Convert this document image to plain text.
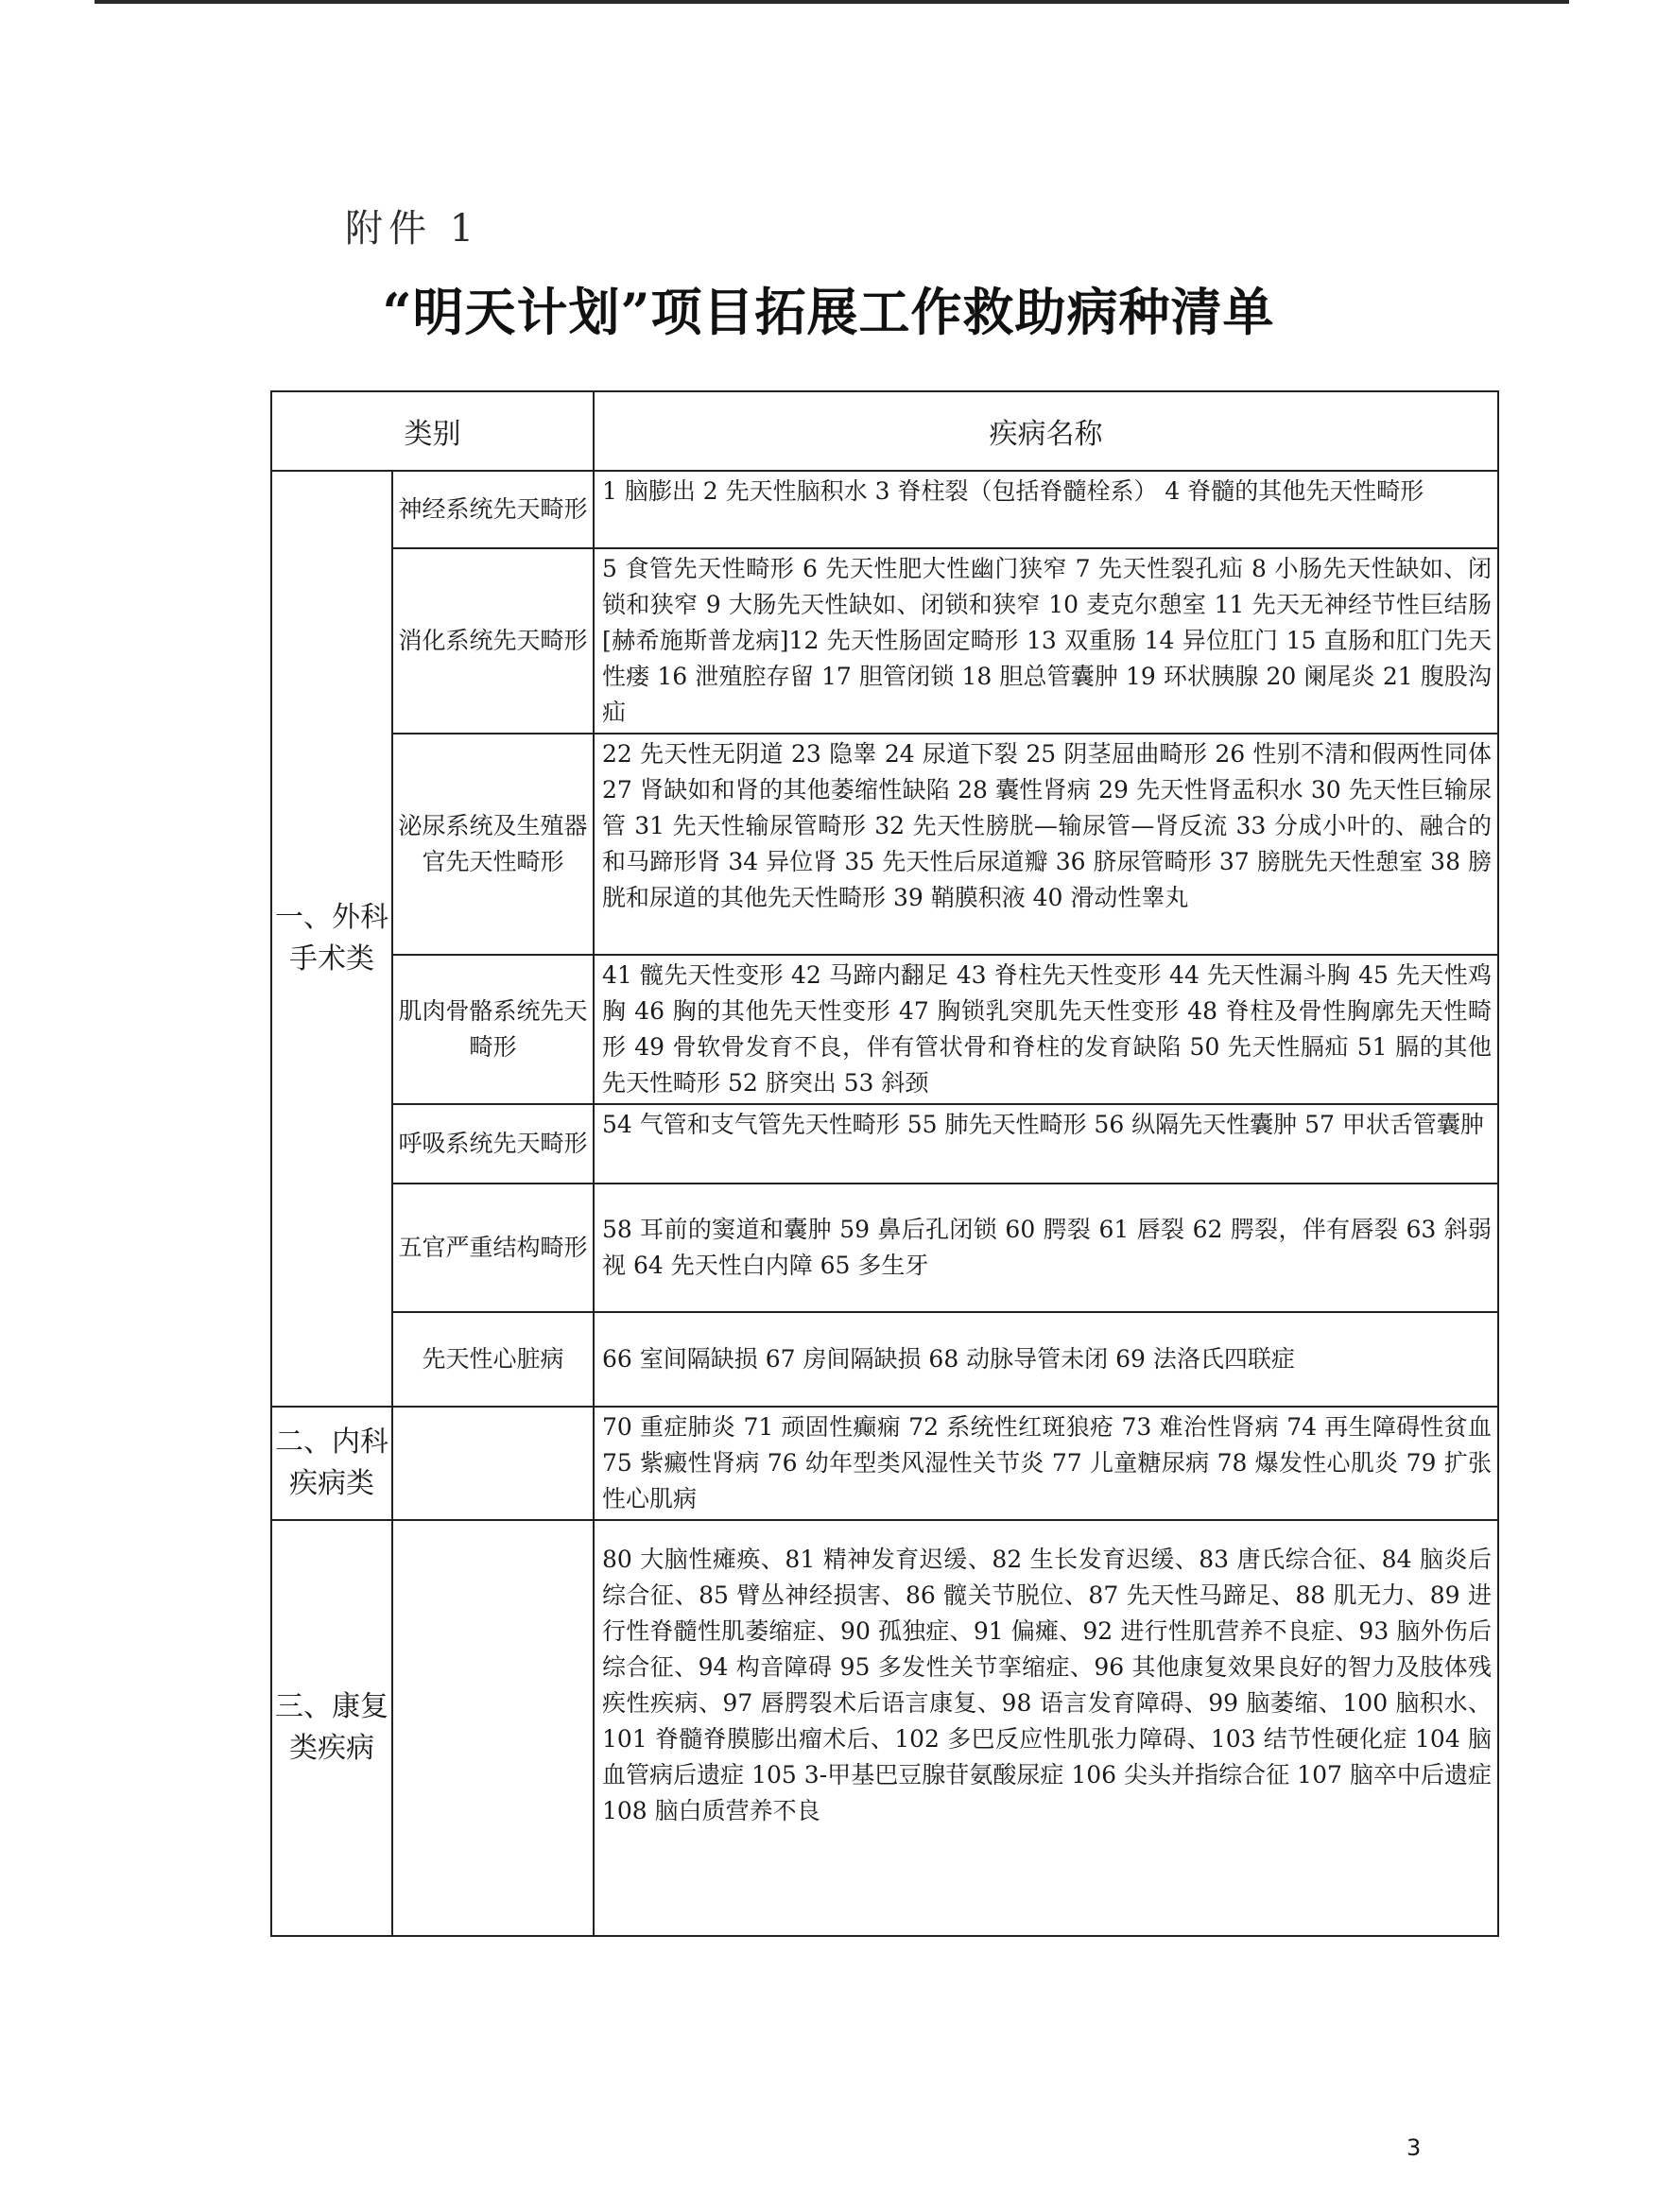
附件 1
“明天计划”项目拓展工作救助病种清单
类别		疾病名称
一、外科手术类	神经系统先天畸形	1 脑膨出 2 先天性脑积水 3 脊柱裂（包括脊髓栓系） 4 脊髓的其他先天性畸形
	消化系统先天畸形	5 食管先天性畸形 6 先天性肥大性幽门狭窄 7 先天性裂孔疝 8 小肠先天性缺如、闭锁和狭窄 9 大肠先天性缺如、闭锁和狭窄 10 麦克尔憩室 11 先天无神经节性巨结肠[赫希施斯普龙病]12 先天性肠固定畸形 13 双重肠 14 异位肛门 15 直肠和肛门先天性瘘 16 泄殖腔存留 17 胆管闭锁 18 胆总管囊肿 19 环状胰腺 20 阑尾炎 21 腹股沟疝
	泌尿系统及生殖器官先天性畸形	22 先天性无阴道 23 隐睾 24 尿道下裂 25 阴茎屈曲畸形 26 性别不清和假两性同体 27 肾缺如和肾的其他萎缩性缺陷 28 囊性肾病 29 先天性肾盂积水 30 先天性巨输尿管 31 先天性输尿管畸形 32 先天性膀胱—输尿管—肾反流 33 分成小叶的、融合的和马蹄形肾 34 异位肾 35 先天性后尿道瓣 36 脐尿管畸形 37 膀胱先天性憩室 38 膀胱和尿道的其他先天性畸形 39 鞘膜积液 40 滑动性睾丸
	肌肉骨骼系统先天畸形	41 髋先天性变形 42 马蹄内翻足 43 脊柱先天性变形 44 先天性漏斗胸 45 先天性鸡胸 46 胸的其他先天性变形 47 胸锁乳突肌先天性变形 48 脊柱及骨性胸廓先天性畸形 49 骨软骨发育不良，伴有管状骨和脊柱的发育缺陷 50 先天性膈疝 51 膈的其他先天性畸形 52 脐突出 53 斜颈
	呼吸系统先天畸形	54 气管和支气管先天性畸形 55 肺先天性畸形 56 纵隔先天性囊肿 57 甲状舌管囊肿
	五官严重结构畸形	58 耳前的窦道和囊肿 59 鼻后孔闭锁 60 腭裂 61 唇裂 62 腭裂，伴有唇裂 63 斜弱视 64 先天性白内障 65 多生牙
	先天性心脏病	66 室间隔缺损 67 房间隔缺损 68 动脉导管未闭 69 法洛氏四联症
二、内科疾病类		70 重症肺炎 71 顽固性癫痫 72 系统性红斑狼疮 73 难治性肾病 74 再生障碍性贫血 75 紫癜性肾病 76 幼年型类风湿性关节炎 77 儿童糖尿病 78 爆发性心肌炎 79 扩张性心肌病
三、康复类疾病		80 大脑性瘫痪、81 精神发育迟缓、82 生长发育迟缓、83 唐氏综合征、84 脑炎后综合征、85 臂丛神经损害、86 髋关节脱位、87 先天性马蹄足、88 肌无力、89 进行性脊髓性肌萎缩症、90 孤独症、91 偏瘫、92 进行性肌营养不良症、93 脑外伤后综合征、94 构音障碍 95 多发性关节挛缩症、96 其他康复效果良好的智力及肢体残疾性疾病、97 唇腭裂术后语言康复、98 语言发育障碍、99 脑萎缩、100 脑积水、101 脊髓脊膜膨出瘤术后、102 多巴反应性肌张力障碍、103 结节性硬化症 104 脑血管病后遗症 105 3-甲基巴豆腺苷氨酸尿症 106 尖头并指综合征 107 脑卒中后遗症 108 脑白质营养不良
3
